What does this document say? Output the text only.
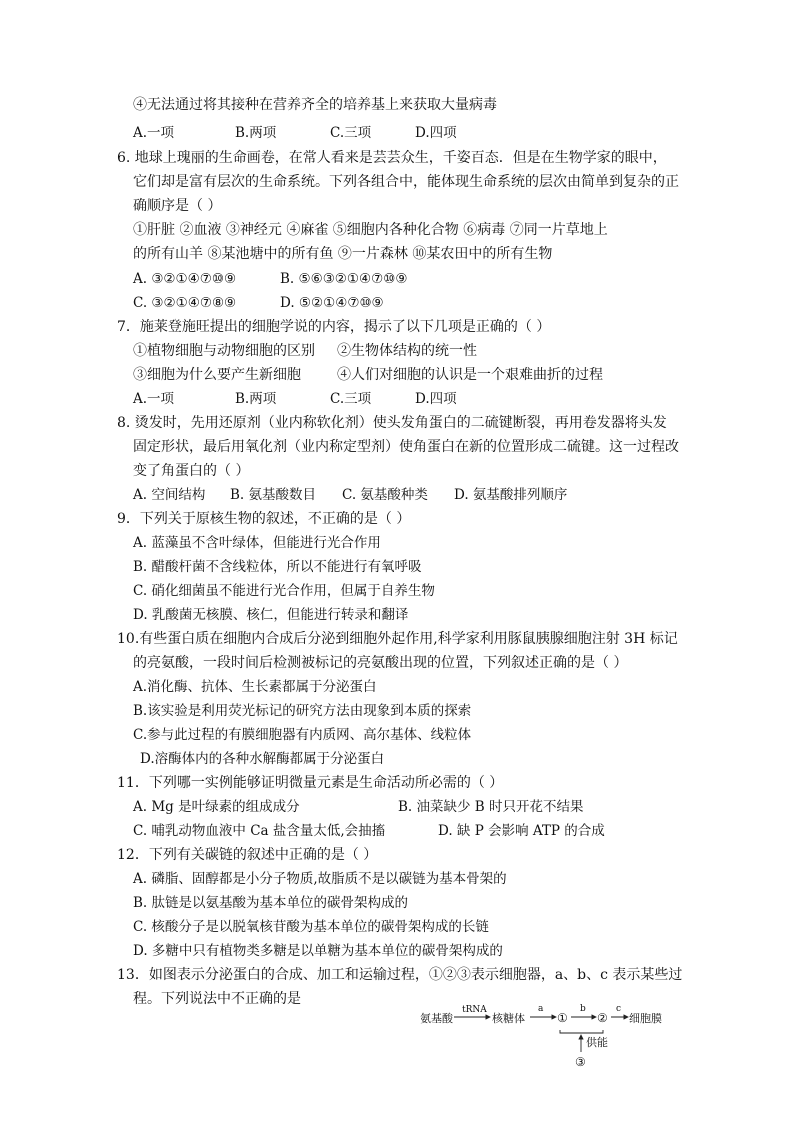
④无法通过将其接种在营养齐全的培养基上来获取大量病毒
A.一项	B.两项	C.三项	D.四项
6. 地球上瑰丽的生命画卷，在常人看来是芸芸众生，千姿百态．但是在生物学家的眼中，
它们却是富有层次的生命系统。下列各组合中，能体现生命系统的层次由简单到复杂的正
确顺序是（ ）
①肝脏 ②血液 ③神经元 ④麻雀 ⑤细胞内各种化合物 ⑥病毒 ⑦同一片草地上
的所有山羊 ⑧某池塘中的所有鱼 ⑨一片森林 ⑩某农田中的所有生物
A. ③②①④⑦⑩⑨	B. ⑤⑥③②①④⑦⑩⑨
C. ③②①④⑦⑧⑨	D. ⑤②①④⑦⑩⑨
7．施莱登施旺提出的细胞学说的内容，揭示了以下几项是正确的（ ）
①植物细胞与动物细胞的区别 ②生物体结构的统一性
③细胞为什么要产生新细胞	④人们对细胞的认识是一个艰难曲折的过程
A.一项	B.两项	C.三项	D.四项
8. 烫发时，先用还原剂（业内称软化剂）使头发角蛋白的二硫键断裂，再用卷发器将头发
固定形状，最后用氧化剂（业内称定型剂）使角蛋白在新的位置形成二硫键。这一过程改
变了角蛋白的（ ）
A. 空间结构 B. 氨基酸数目 C. 氨基酸种类 D. 氨基酸排列顺序
9．下列关于原核生物的叙述，不正确的是（ ）
A. 蓝藻虽不含叶绿体，但能进行光合作用
B. 醋酸杆菌不含线粒体，所以不能进行有氧呼吸
C. 硝化细菌虽不能进行光合作用，但属于自养生物
D. 乳酸菌无核膜、核仁，但能进行转录和翻译
10.有些蛋白质在细胞内合成后分泌到细胞外起作用,科学家利用豚鼠胰腺细胞注射 3H 标记
的亮氨酸，一段时间后检测被标记的亮氨酸出现的位置，下列叙述正确的是（ ）
A.消化酶、抗体、生长素都属于分泌蛋白
B.该实验是利用荧光标记的研究方法由现象到本质的探索
C.参与此过程的有膜细胞器有内质网、高尔基体、线粒体
D.溶酶体内的各种水解酶都属于分泌蛋白
11．下列哪一实例能够证明微量元素是生命活动所必需的（ ）
A. Mg 是叶绿素的组成成分	B. 油菜缺少 B 时只开花不结果
C. 哺乳动物血液中 Ca 盐含量太低,会抽搐	D. 缺 P 会影响 ATP 的合成
12．下列有关碳链的叙述中正确的是（ ）
A. 磷脂、固醇都是小分子物质,故脂质不是以碳链为基本骨架的
B. 肽链是以氨基酸为基本单位的碳骨架构成的
C. 核酸分子是以脱氧核苷酸为基本单位的碳骨架构成的长链
D. 多糖中只有植物类多糖是以单糖为基本单位的碳骨架构成的
13．如图表示分泌蛋白的合成、加工和运输过程，①②③表示细胞器，a、b、c 表示某些过
程。下列说法中不正确的是
氨基酸
tRNA
核糖体
a
①
b
②
c
细胞膜
供能
③
